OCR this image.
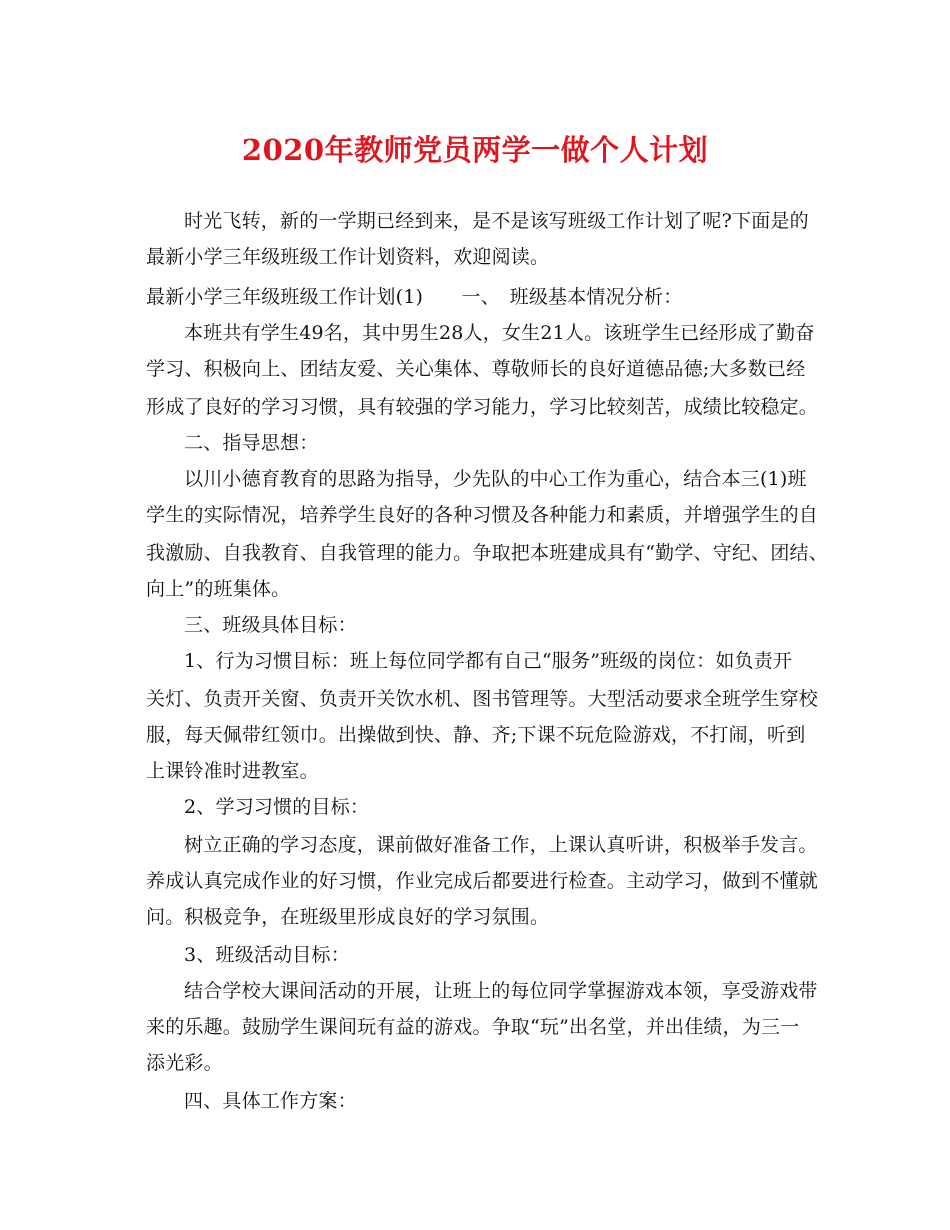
2020年教师党员两学一做个人计划
时光飞转，新的一学期已经到来，是不是该写班级工作计划了呢?下面是的
最新小学三年级班级工作计划资料，欢迎阅读。
最新小学三年级班级工作计划(1)　　一、　班级基本情况分析：
本班共有学生49名，其中男生28人，女生21人。该班学生已经形成了勤奋
学习、积极向上、团结友爱、关心集体、尊敬师长的良好道德品德;大多数已经
形成了良好的学习习惯，具有较强的学习能力，学习比较刻苦，成绩比较稳定。
二、指导思想：
以川小德育教育的思路为指导，少先队的中心工作为重心，结合本三(1)班
学生的实际情况，培养学生良好的各种习惯及各种能力和素质，并增强学生的自
我激励、自我教育、自我管理的能力。争取把本班建成具有“勤学、守纪、团结、
向上”的班集体。
三、班级具体目标：
1、行为习惯目标：班上每位同学都有自己“服务”班级的岗位：如负责开
关灯、负责开关窗、负责开关饮水机、图书管理等。大型活动要求全班学生穿校
服，每天佩带红领巾。出操做到快、静、齐;下课不玩危险游戏，不打闹，听到
上课铃准时进教室。
2、学习习惯的目标：
树立正确的学习态度，课前做好准备工作，上课认真听讲，积极举手发言。
养成认真完成作业的好习惯，作业完成后都要进行检查。主动学习，做到不懂就
问。积极竞争，在班级里形成良好的学习氛围。
3、班级活动目标：
结合学校大课间活动的开展，让班上的每位同学掌握游戏本领，享受游戏带
来的乐趣。鼓励学生课间玩有益的游戏。争取“玩”出名堂，并出佳绩，为三一
添光彩。
四、具体工作方案：
